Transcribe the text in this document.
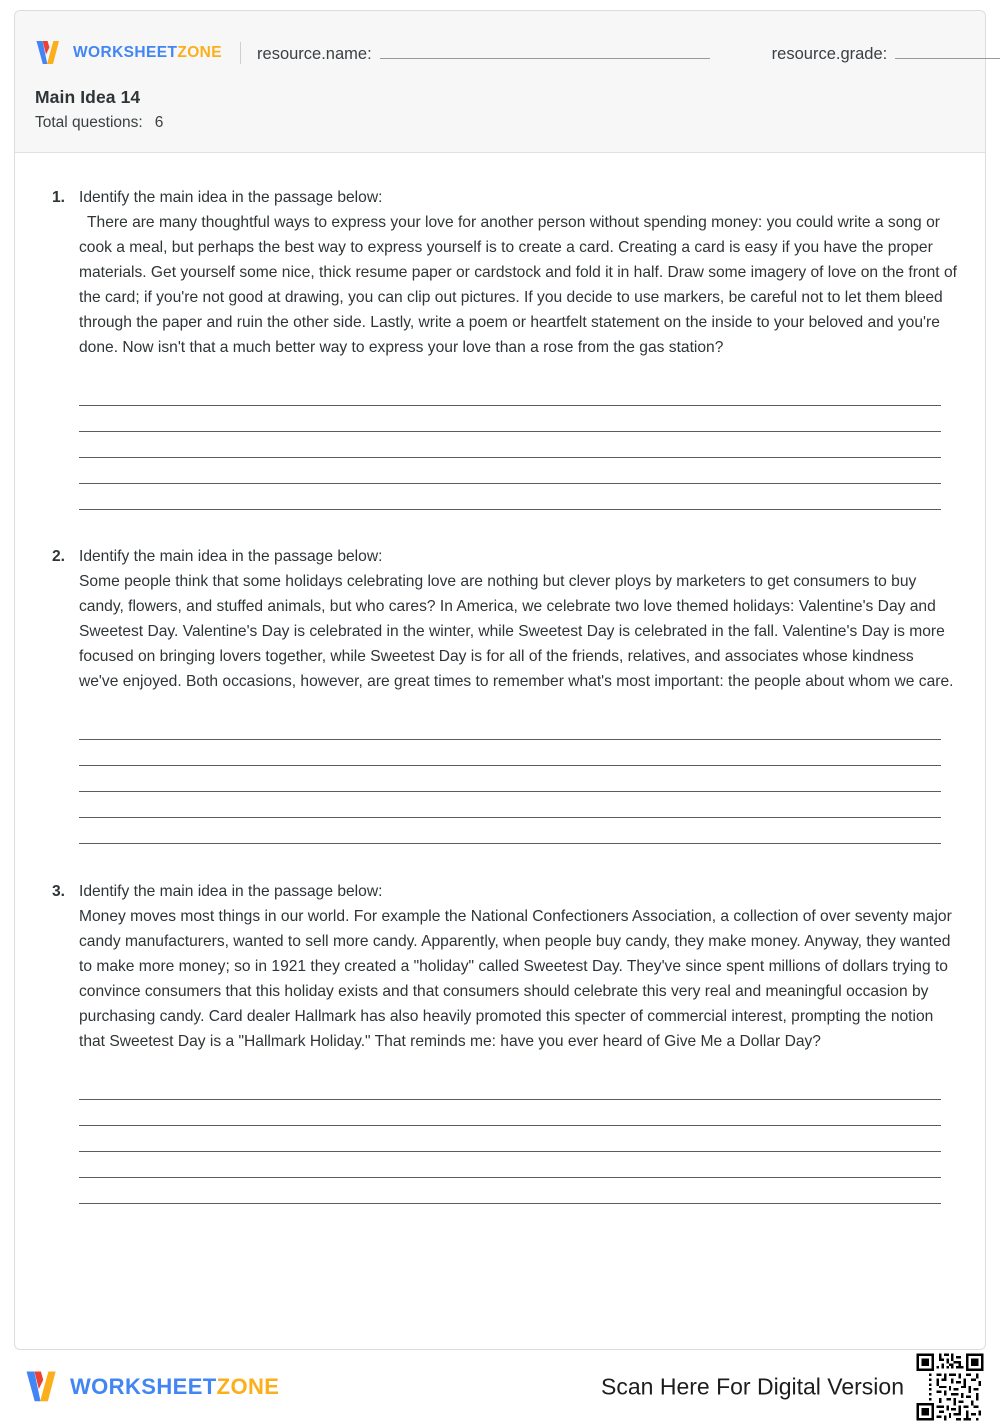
WORKSHEETZONE resource.name:	resource.grade:
Main Idea 14
Total questions: 6
1. Identify the main idea in the passage below:
There are many thoughtful ways to express your love for another person without spending money: you could write a song or cook a meal, but perhaps the best way to express yourself is to create a card. Creating a card is easy if you have the proper materials. Get yourself some nice, thick resume paper or cardstock and fold it in half. Draw some imagery of love on the front of the card; if you're not good at drawing, you can clip out pictures. If you decide to use markers, be careful not to let them bleed through the paper and ruin the other side. Lastly, write a poem or heartfelt statement on the inside to your beloved and you're done. Now isn't that a much better way to express your love than a rose from the gas station?
2. Identify the main idea in the passage below:
Some people think that some holidays celebrating love are nothing but clever ploys by marketers to get consumers to buy candy, flowers, and stuffed animals, but who cares? In America, we celebrate two love themed holidays: Valentine's Day and Sweetest Day. Valentine's Day is celebrated in the winter, while Sweetest Day is celebrated in the fall. Valentine's Day is more focused on bringing lovers together, while Sweetest Day is for all of the friends, relatives, and associates whose kindness we've enjoyed. Both occasions, however, are great times to remember what's most important: the people about whom we care.
3. Identify the main idea in the passage below:
Money moves most things in our world. For example the National Confectioners Association, a collection of over seventy major candy manufacturers, wanted to sell more candy. Apparently, when people buy candy, they make money. Anyway, they wanted to make more money; so in 1921 they created a "holiday" called Sweetest Day. They've since spent millions of dollars trying to convince consumers that this holiday exists and that consumers should celebrate this very real and meaningful occasion by purchasing candy. Card dealer Hallmark has also heavily promoted this specter of commercial interest, prompting the notion that Sweetest Day is a "Hallmark Holiday." That reminds me: have you ever heard of Give Me a Dollar Day?
WORKSHEETZONE	Scan Here For Digital Version
